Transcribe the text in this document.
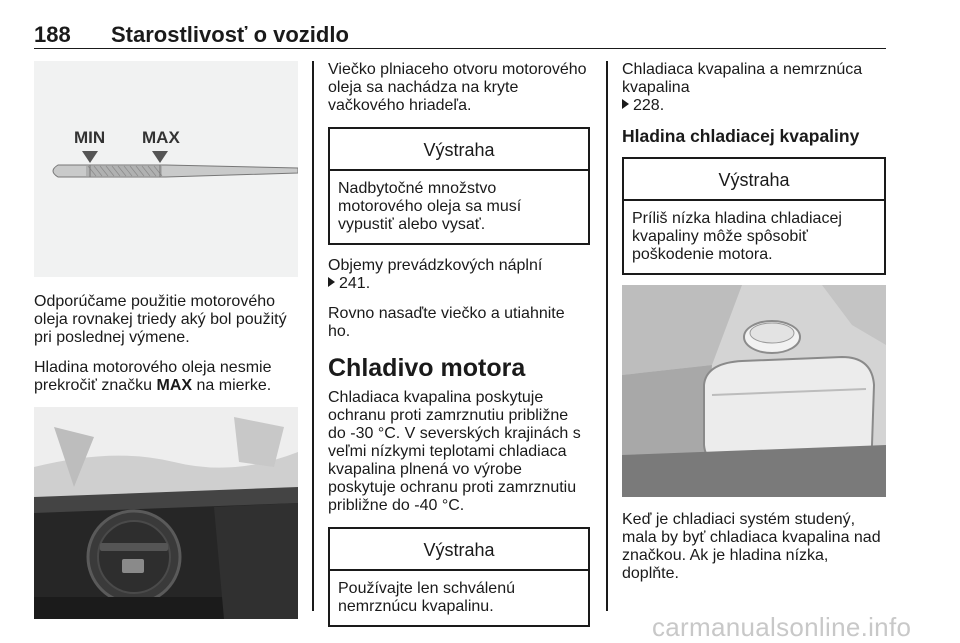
188 Starostlivosť o vozidlo
MIN MAX

Odporúčame použitie motorového oleja rovnakej triedy aký bol použitý pri poslednej výmene.

Hladina motorového oleja nesmie prekročiť značku MAX na mierke.

Viečko plniaceho otvoru motorového oleja sa nachádza na kryte vačkového hriadeľa.

Výstraha
Nadbytočné množstvo motorového oleja sa musí vypustiť alebo vysať.

Objemy prevádzkových náplní
241.

Rovno nasaďte viečko a utiahnite ho.

Chladivo motora

Chladiaca kvapalina poskytuje ochranu proti zamrznutiu približne do -30 °C. V severských krajinách s veľmi nízkymi teplotami chladiaca kvapalina plnená vo výrobe poskytuje ochranu proti zamrznutiu približne do -40 °C.

Výstraha
Používajte len schválenú nemrznúcu kvapalinu.

Chladiaca kvapalina a nemrznúca kvapalina
228.

Hladina chladiacej kvapaliny
Výstraha
Príliš nízka hladina chladiacej kvapaliny môže spôsobiť poškodenie motora.

Keď je chladiaci systém studený, mala by byť chladiaca kvapalina nad značkou. Ak je hladina nízka, doplňte.

carmanualsonline.info
